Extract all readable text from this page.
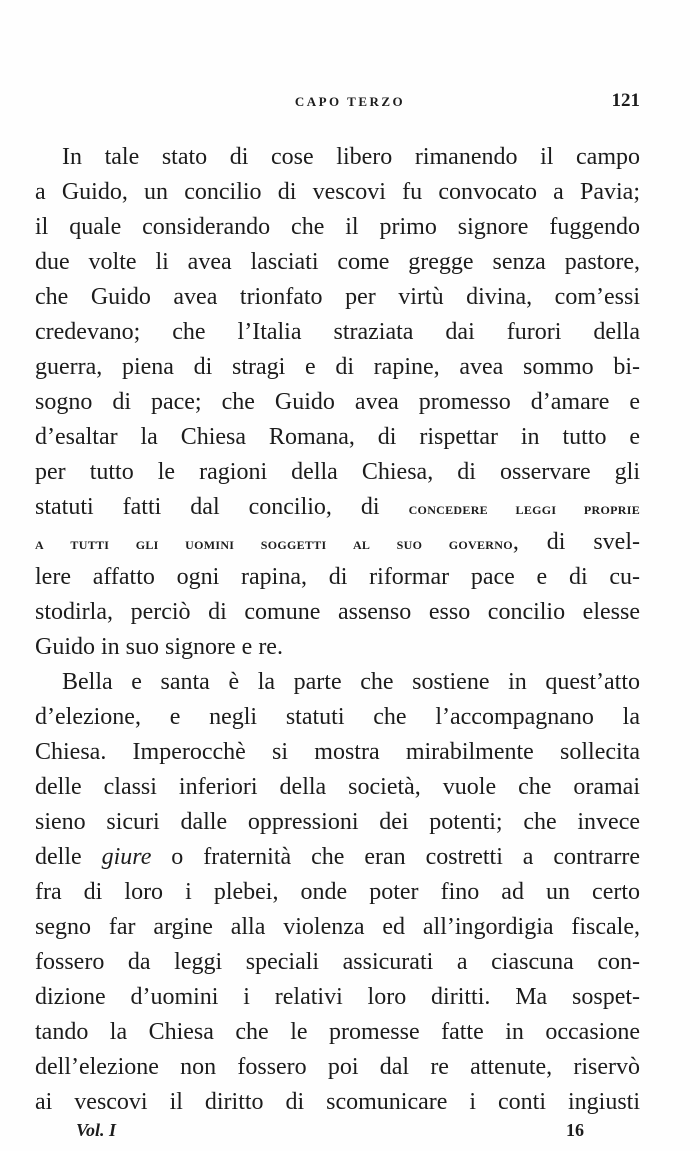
CAPO TERZO	121
In tale stato di cose libero rimanendo il campo
a Guido, un concilio di vescovi fu convocato a Pavia;
il quale considerando che il primo signore fuggendo
due volte li avea lasciati come gregge senza pastore,
che Guido avea trionfato per virtù divina, com’essi
credevano; che l’Italia straziata dai furori della
guerra, piena di stragi e di rapine, avea sommo bi-
sogno di pace; che Guido avea promesso d’amare e
d’esaltar la Chiesa Romana, di rispettar in tutto e
per tutto le ragioni della Chiesa, di osservare gli
statuti fatti dal concilio, di concedere leggi proprie
a tutti gli uomini soggetti al suo governo, di svel-
lere affatto ogni rapina, di riformar pace e di cu-
stodirla, perciò di comune assenso esso concilio elesse
Guido in suo signore e re.
Bella e santa è la parte che sostiene in quest’atto
d’elezione, e negli statuti che l’accompagnano la
Chiesa. Imperocchè si mostra mirabilmente sollecita
delle classi inferiori della società, vuole che oramai
sieno sicuri dalle oppressioni dei potenti; che invece
delle giure o fraternità che eran costretti a contrarre
fra di loro i plebei, onde poter fino ad un certo
segno far argine alla violenza ed all’ingordigia fiscale,
fossero da leggi speciali assicurati a ciascuna con-
dizione d’uomini i relativi loro diritti. Ma sospet-
tando la Chiesa che le promesse fatte in occasione
dell’elezione non fossero poi dal re attenute, riservò
ai vescovi il diritto di scomunicare i conti ingiusti
Vol. I	16
